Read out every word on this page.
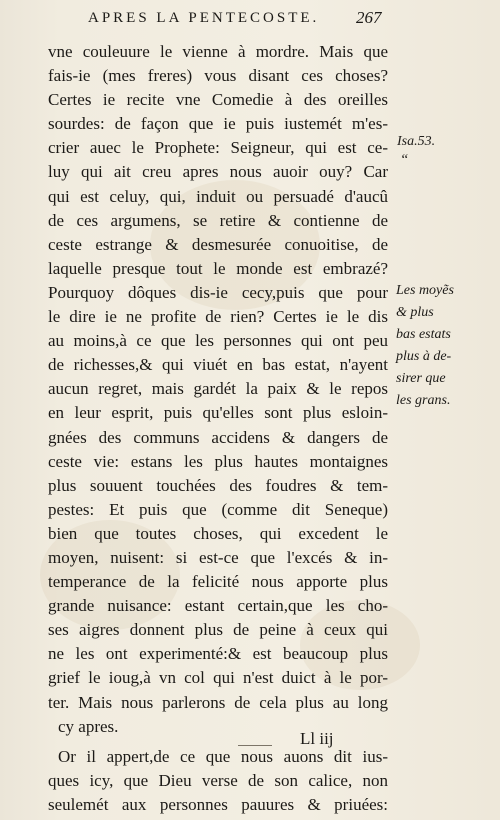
APRES LA PENTECOSTE.	267
vne couleuure le vienne à mordre. Mais que
fais-ie (mes freres) vous disant ces choses?
Certes ie recite vne Comedie à des oreilles
sourdes: de façon que ie puis iustemét m'es-
crier auec le Prophete: Seigneur, qui est ce-
luy qui ait creu apres nous auoir ouy? Car
qui est celuy, qui, induit ou persuadé d'aucû
de ces argumens, se retire & contienne de
ceste estrange & desmesurée conuoitise, de
laquelle presque tout le monde est embrazé?
Pourquoy dôques dis-ie cecy,puis que pour
le dire ie ne profite de rien? Certes ie le dis
au moins,à ce que les personnes qui ont peu
de richesses,& qui viuét en bas estat, n'ayent
aucun regret, mais gardét la paix & le repos
en leur esprit, puis qu'elles sont plus esloin-
gnées des communs accidens & dangers de
ceste vie: estans les plus hautes montaignes
plus souuent touchées des foudres & tem-
pestes: Et puis que (comme dit Seneque)
bien que toutes choses, qui excedent le
moyen, nuisent: si est-ce que l'excés & in-
temperance de la felicité nous apporte plus
grande nuisance: estant certain,que les cho-
ses aigres donnent plus de peine à ceux qui
ne les ont experimenté:& est beaucoup plus
grief le ioug,à vn col qui n'est duict à le por-
ter. Mais nous parlerons de cela plus au long
cy apres.
Or il appert,de ce que nous auons dit ius-
ques icy, que Dieu verse de son calice, non
seulemét aux personnes pauures & priuées:
Isa.53.
“
Les moyẽs
& plus
bas estats
plus à de-
sirer que
les grans.
Ll iij
